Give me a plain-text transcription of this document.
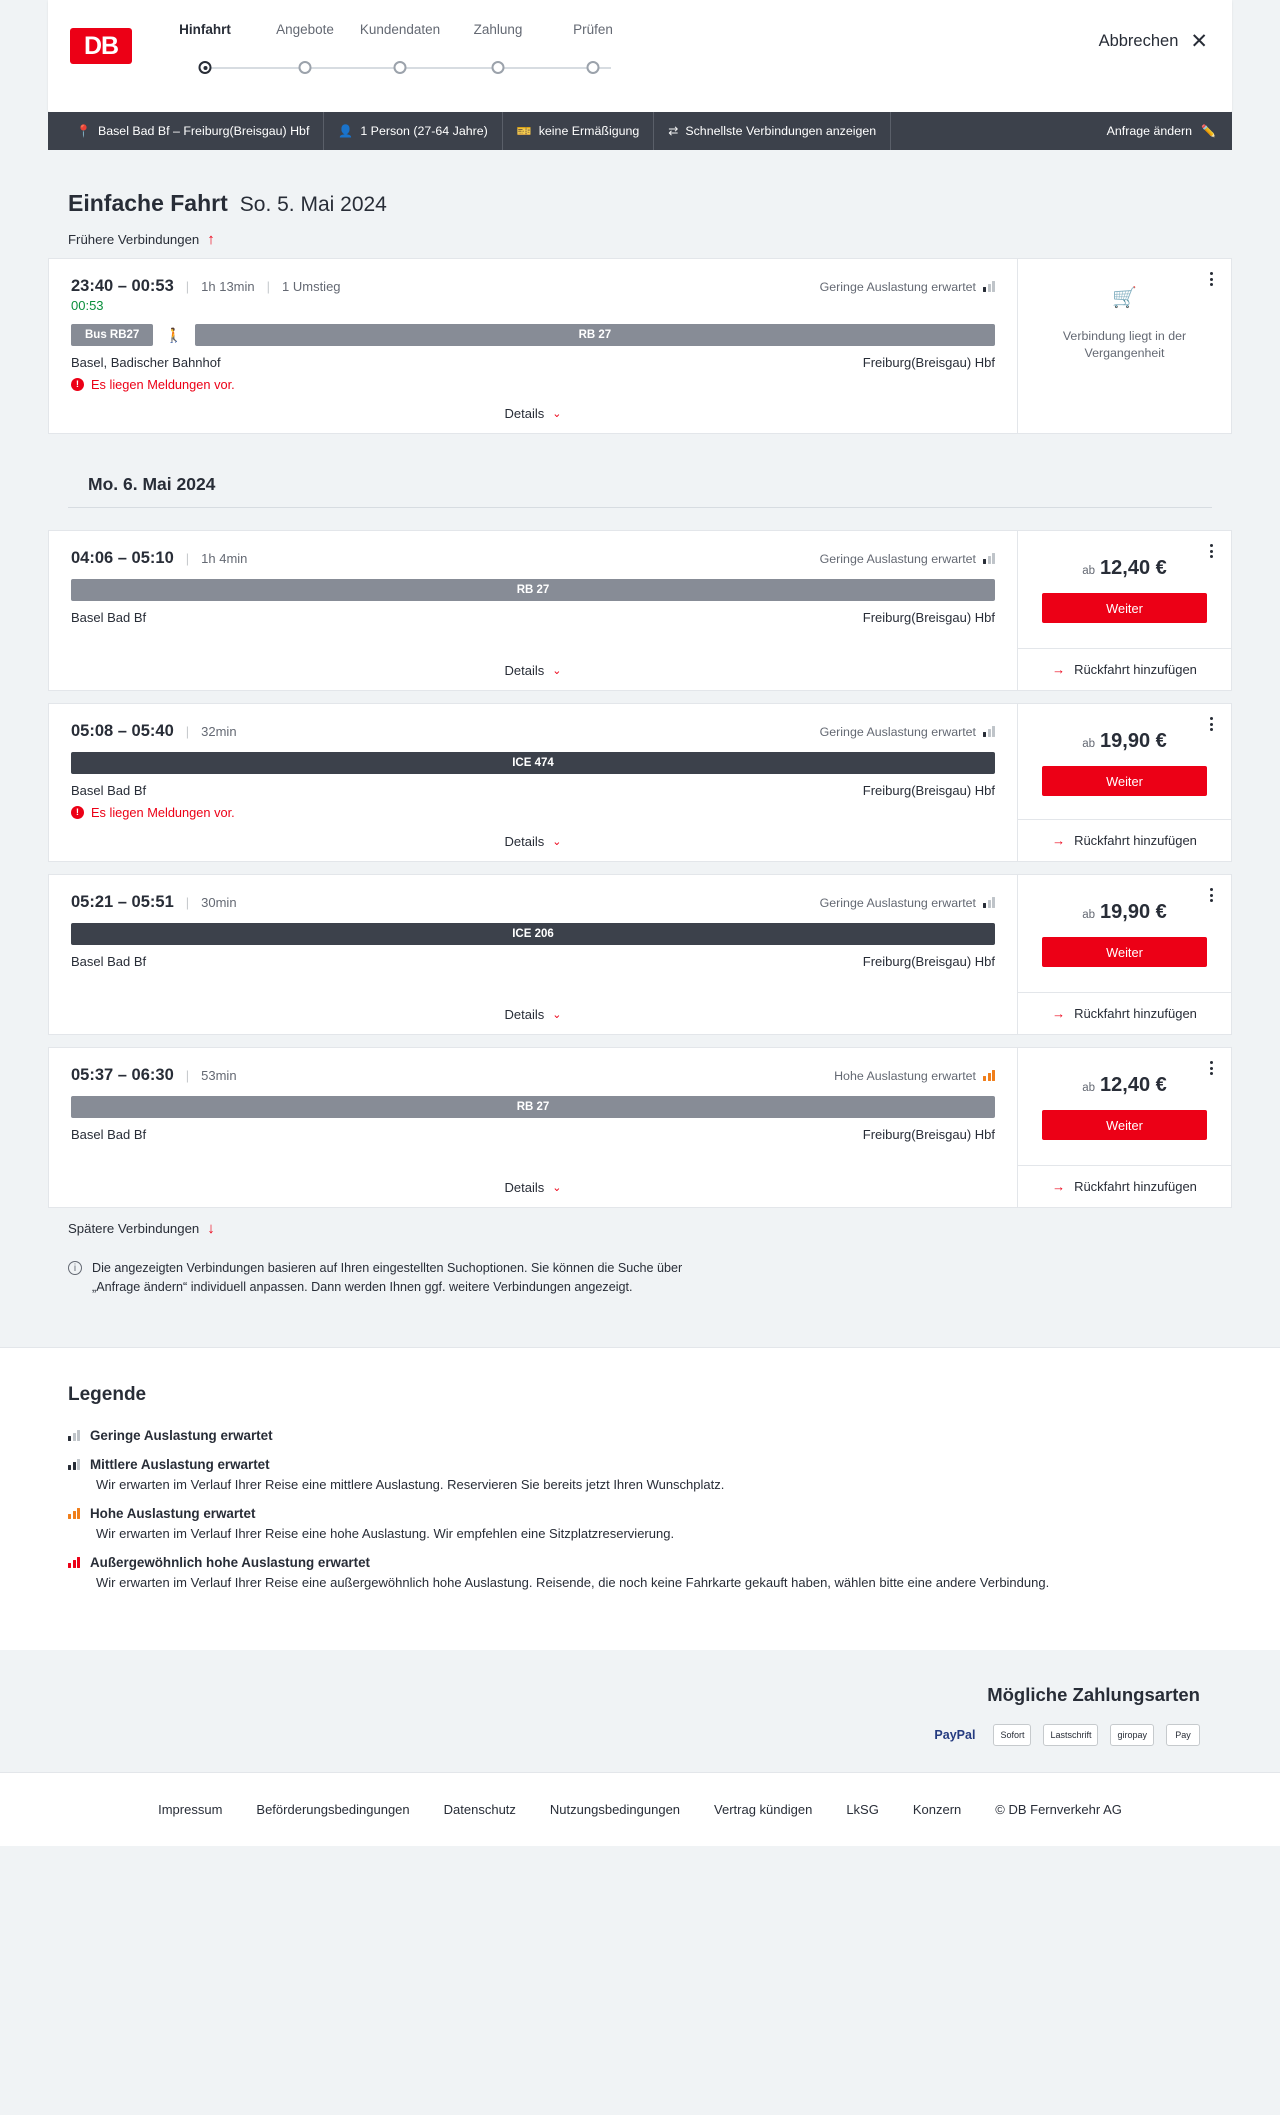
DB
Hinfahrt	Angebote Kundendaten Zahlung	Prüfen
Abbrechen ✕
📍 Basel Bad Bf – Freiburg(Breisgau) Hbf 👤 1 Person (27-64 Jahre) 🎫 keine Ermäßigung ⇄ Schnellste Verbindungen anzeigen	Anfrage ändern ✏️
Einfache Fahrt So. 5. Mai 2024
Frühere Verbindungen ↑
23:40 – 00:53 | 1h 13min | 1 Umstieg	Geringe Auslastung erwartet
00:53
Bus RB27	🚶	RB 27
Basel, Badischer Bahnhof	Freiburg(Breisgau) Hbf
! Es liegen Meldungen vor.
Details ⌄
🛒
Verbindung liegt in der Vergangenheit
Mo. 6. Mai 2024
04:06 – 05:10 | 1h 4min	Geringe Auslastung erwartet
RB 27
Basel Bad Bf	Freiburg(Breisgau) Hbf
Details ⌄
ab 12,40 €
Weiter
→ Rückfahrt hinzufügen
05:08 – 05:40 | 32min	Geringe Auslastung erwartet
ICE 474
Basel Bad Bf	Freiburg(Breisgau) Hbf
! Es liegen Meldungen vor.
Details ⌄
ab 19,90 €
Weiter
→ Rückfahrt hinzufügen
05:21 – 05:51 | 30min	Geringe Auslastung erwartet
ICE 206
Basel Bad Bf	Freiburg(Breisgau) Hbf
Details ⌄
ab 19,90 €
Weiter
→ Rückfahrt hinzufügen
05:37 – 06:30 | 53min	Hohe Auslastung erwartet
RB 27
Basel Bad Bf	Freiburg(Breisgau) Hbf
Details ⌄
ab 12,40 €
Weiter
→ Rückfahrt hinzufügen
Spätere Verbindungen ↓
i	Die angezeigten Verbindungen basieren auf Ihren eingestellten Suchoptionen. Sie können die Suche über „Anfrage ändern“ individuell anpassen. Dann werden Ihnen ggf. weitere Verbindungen angezeigt.
Legende
Geringe Auslastung erwartet
Mittlere Auslastung erwartet
Wir erwarten im Verlauf Ihrer Reise eine mittlere Auslastung. Reservieren Sie bereits jetzt Ihren Wunschplatz.
Hohe Auslastung erwartet
Wir erwarten im Verlauf Ihrer Reise eine hohe Auslastung. Wir empfehlen eine Sitzplatzreservierung.
Außergewöhnlich hohe Auslastung erwartet
Wir erwarten im Verlauf Ihrer Reise eine außergewöhnlich hohe Auslastung. Reisende, die noch keine Fahrkarte gekauft haben, wählen bitte eine andere Verbindung.
Mögliche Zahlungsarten
PayPal	Sofort	Lastschrift	giropay	Pay
Impressum	Beförderungsbedingungen	Datenschutz	Nutzungsbedingungen	Vertrag kündigen	LkSG	Konzern	© DB Fernverkehr AG
